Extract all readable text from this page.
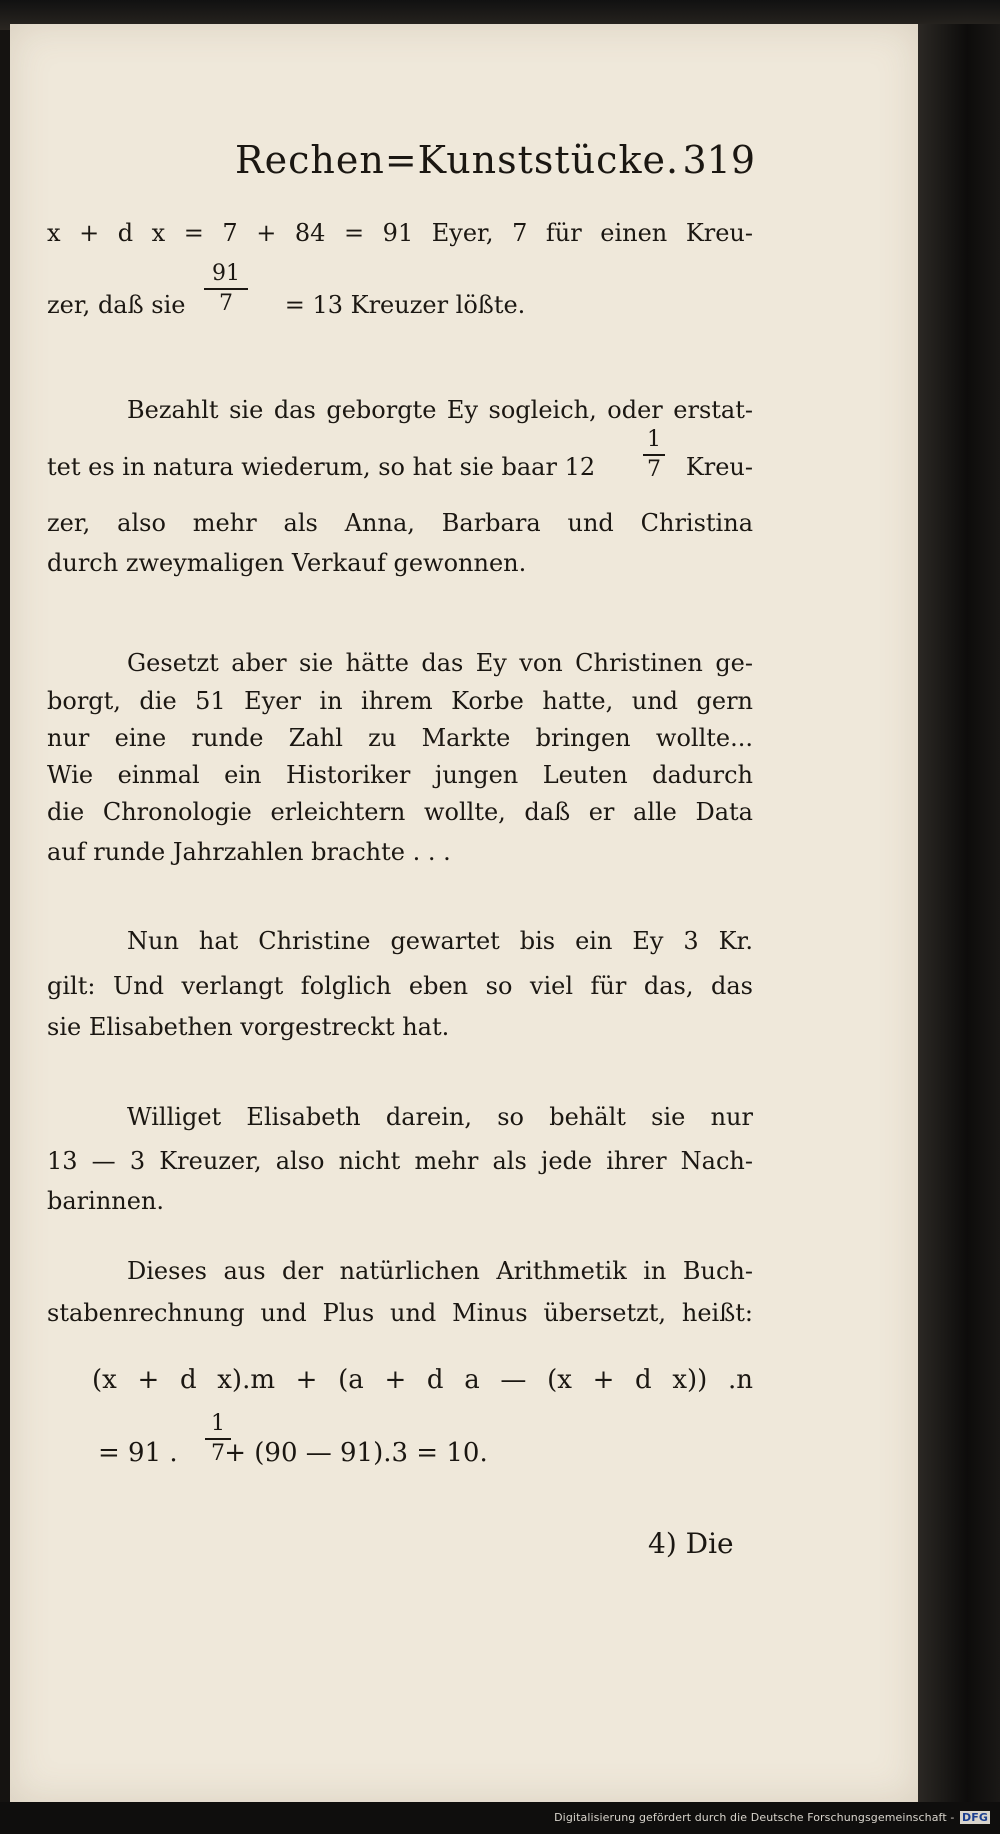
Rechen=Kunststücke. 319
x + d x = 7 + 84 = 91 Eyer, 7 für einen Kreu-
zer, daß sie	= 13 Kreuzer lößte.
91
7
Bezahlt sie das geborgte Ey sogleich, oder erstat-
tet es in natura wiederum, so hat sie baar 12	Kreu-
1
7
zer, also mehr als Anna, Barbara und Christina
durch zweymaligen Verkauf gewonnen.
Gesetzt aber sie hätte das Ey von Christinen ge-
borgt, die 51 Eyer in ihrem Korbe hatte, und gern
nur eine runde Zahl zu Markte bringen wollte...
Wie einmal ein Historiker jungen Leuten dadurch
die Chronologie erleichtern wollte, daß er alle Data
auf runde Jahrzahlen brachte . . .
Nun hat Christine gewartet bis ein Ey 3 Kr.
gilt: Und verlangt folglich eben so viel für das, das
sie Elisabethen vorgestreckt hat.
Williget Elisabeth darein, so behält sie nur
13 — 3 Kreuzer, also nicht mehr als jede ihrer Nach-
barinnen.
Dieses aus der natürlichen Arithmetik in Buch-
stabenrechnung und Plus und Minus übersetzt, heißt:
(x + d x).m + (a + d a — (x + d x)) .n
= 91 . + (90 — 91).3 = 10.
1
7
4) Die
Digitalisierung gefördert durch die Deutsche Forschungsgemeinschaft - DFG
